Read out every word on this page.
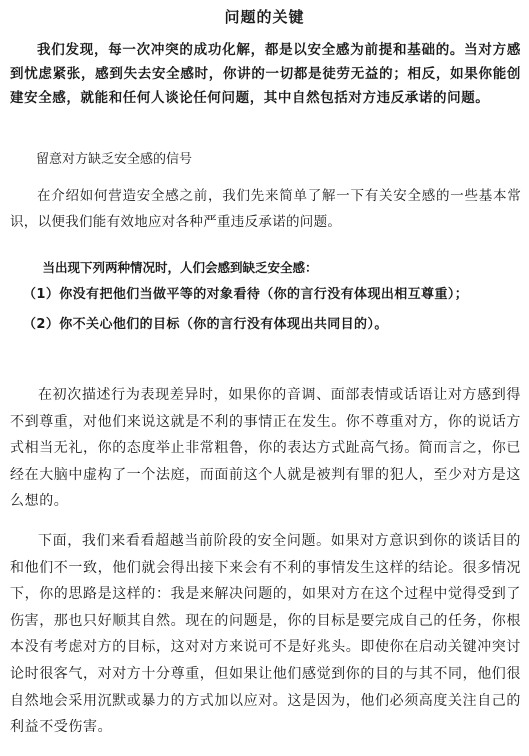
问题的关键
我们发现，每一次冲突的成功化解，都是以安全感为前提和基础的。当对方感到忧虑紧张，感到失去安全感时，你讲的一切都是徒劳无益的；相反，如果你能创建安全感，就能和任何人谈论任何问题，其中自然包括对方违反承诺的问题。
留意对方缺乏安全感的信号
在介绍如何营造安全感之前，我们先来简单了解一下有关安全感的一些基本常识，以便我们能有效地应对各种严重违反承诺的问题。
当出现下列两种情况时，人们会感到缺乏安全感：
（1）你没有把他们当做平等的对象看待（你的言行没有体现出相互尊重）；
（2）你不关心他们的目标（你的言行没有体现出共同目的）。
在初次描述行为表现差异时，如果你的音调、面部表情或话语让对方感到得不到尊重，对他们来说这就是不利的事情正在发生。你不尊重对方，你的说话方式相当无礼，你的态度举止非常粗鲁，你的表达方式趾高气扬。简而言之，你已经在大脑中虚构了一个法庭，而面前这个人就是被判有罪的犯人，至少对方是这么想的。
下面，我们来看看超越当前阶段的安全问题。如果对方意识到你的谈话目的和他们不一致，他们就会得出接下来会有不利的事情发生这样的结论。很多情况下，你的思路是这样的：我是来解决问题的，如果对方在这个过程中觉得受到了伤害，那也只好顺其自然。现在的问题是，你的目标是要完成自己的任务，你根本没有考虑对方的目标，这对对方来说可不是好兆头。即使你在启动关键冲突讨论时很客气，对对方十分尊重，但如果让他们感觉到你的目的与其不同，他们很自然地会采用沉默或暴力的方式加以应对。这是因为，他们必须高度关注自己的利益不受伤害。
